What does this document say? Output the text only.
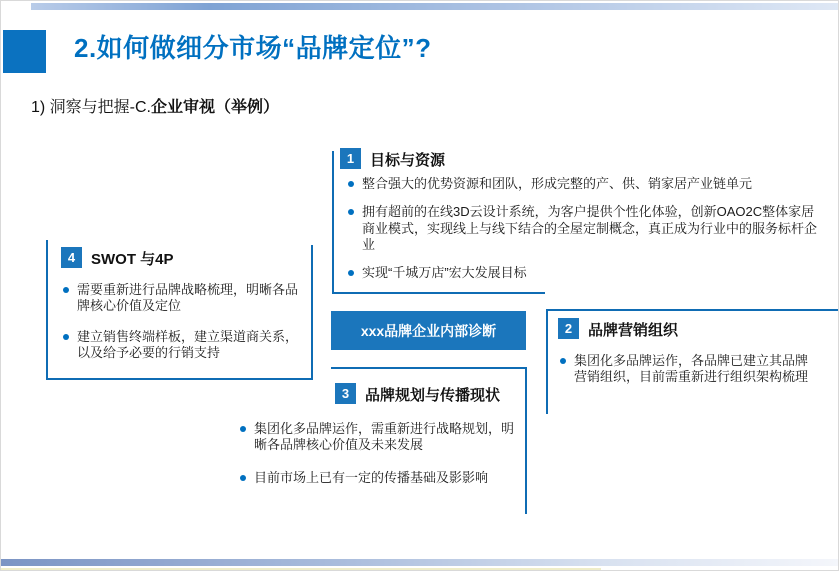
2.如何做细分市场“品牌定位”?
1) 洞察与把握-C.企业审视（举例）
1	目标与资源
整合强大的优势资源和团队，形成完整的产、供、销家居产业链单元
拥有超前的在线3D云设计系统，为客户提供个性化体验，创新OAO2C整体家居商业模式，实现线上与线下结合的全屋定制概念，真正成为行业中的服务标杆企业
实现“千城万店”宏大发展目标
4	SWOT 与4P
需要重新进行品牌战略梳理，明晰各品牌核心价值及定位
建立销售终端样板，建立渠道商关系，以及给予必要的行销支持
xxx品牌企业内部诊断	2	品牌营销组织
集团化多品牌运作，各品牌已建立其品牌营销组织，目前需重新进行组织架构梳理
3	品牌规划与传播现状
集团化多品牌运作，需重新进行战略规划，明晰各品牌核心价值及未来发展
目前市场上已有一定的传播基础及影影响
